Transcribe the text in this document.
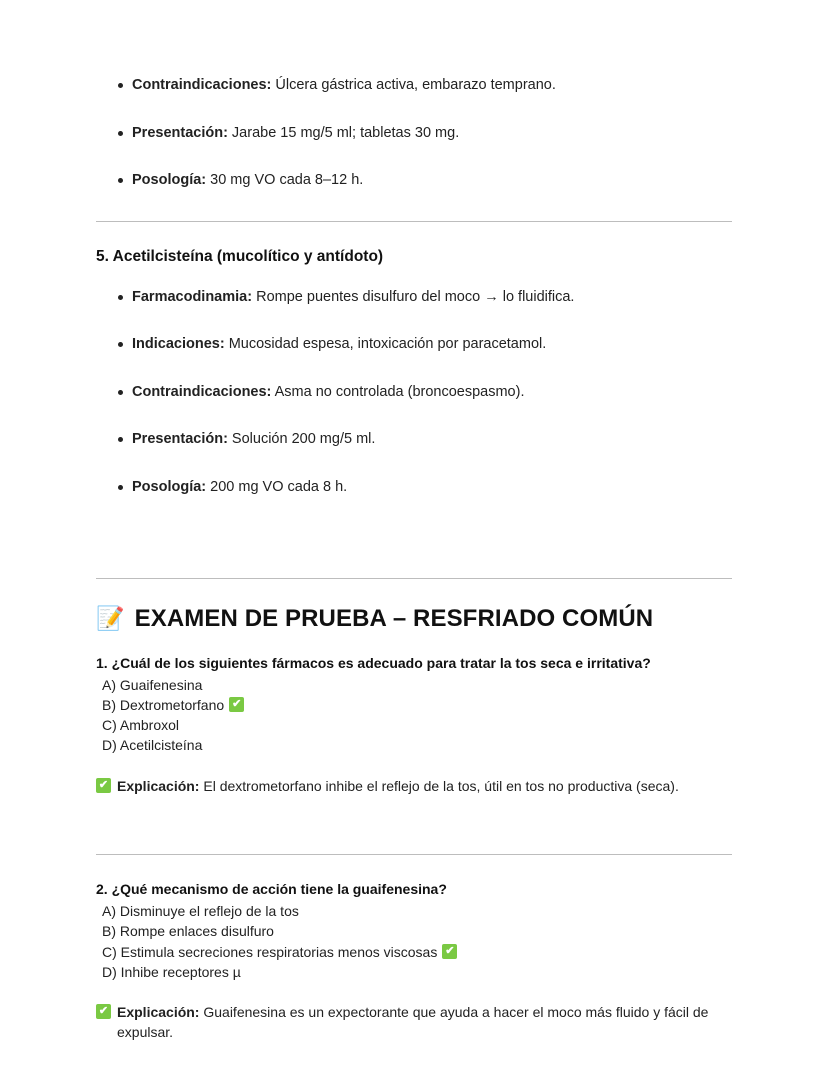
Contraindicaciones: Úlcera gástrica activa, embarazo temprano.
Presentación: Jarabe 15 mg/5 ml; tabletas 30 mg.
Posología: 30 mg VO cada 8–12 h.
5. Acetilcisteína (mucolítico y antídoto)
Farmacodinamia: Rompe puentes disulfuro del moco → lo fluidifica.
Indicaciones: Mucosidad espesa, intoxicación por paracetamol.
Contraindicaciones: Asma no controlada (broncoespasmo).
Presentación: Solución 200 mg/5 ml.
Posología: 200 mg VO cada 8 h.
📝 EXAMEN DE PRUEBA – RESFRIADO COMÚN

1. ¿Cuál de los siguientes fármacos es adecuado para tratar la tos seca e irritativa?

A) Guaifenesina
B) Dextrometorfano ✔
C) Ambroxol
D) Acetilcisteína
✔ Explicación: El dextrometorfano inhibe el reflejo de la tos, útil en tos no productiva (seca).

2. ¿Qué mecanismo de acción tiene la guaifenesina?

A) Disminuye el reflejo de la tos
B) Rompe enlaces disulfuro
C) Estimula secreciones respiratorias menos viscosas ✔
D) Inhibe receptores µ
✔ Explicación: Guaifenesina es un expectorante que ayuda a hacer el moco más fluido y fácil de expulsar.
